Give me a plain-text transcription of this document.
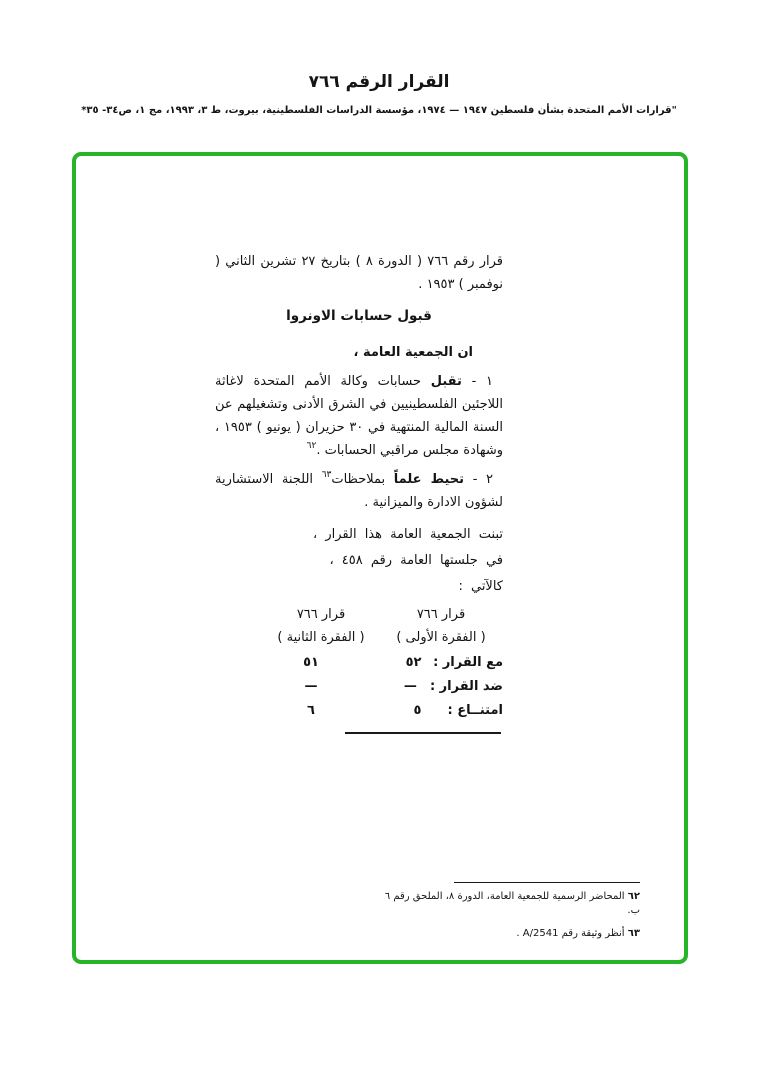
القرار الرقم ٧٦٦
"قرارات الأمم المتحدة بشأن فلسطين ١٩٤٧ — ١٩٧٤، مؤسسة الدراسات الفلسطينية، بيروت، ط ٣، ١٩٩٣، مج ١، ص٣٤- ٣٥*

قرار رقم ٧٦٦ ( الدورة ٨ ) بتاريخ ٢٧ تشرين الثاني ( نوفمبر ) ١٩٥٣ .

قبول حسابات الاونروا

ان الجمعية العامة ،

١ - تقبل حسابات وكالة الأمم المتحدة لاغاثة اللاجئين الفلسطينيين في الشرق الأدنى وتشغيلهم عن السنة المالية المنتهية في ٣٠ حزيران ( يونيو ) ١٩٥٣ ، وشهادة مجلس مراقبي الحسابات .$^{٦٢}$

٢ - تحيط علماً بملاحظات$^{٦٣}$ اللجنة الاستشارية لشؤون الادارة والميزانية .

تبنت الجمعية العامة هذا القرار ،

في جلستها العامة رقم ٤٥٨ ،

كالآتي :

قرار ٧٦٦
قرار ٧٦٦
( الفقرة الأولى )
( الفقرة الثانية )
مع القرار : ٥٢
٥١
ضد القرار : —
—
امتنــاع : ٥
٦

٦٢ المحاضر الرسمية للجمعية العامة، الدورة ٨، الملحق رقم ٦ ب.

٦٣ أنظر وثيقة رقم A/2541 .
